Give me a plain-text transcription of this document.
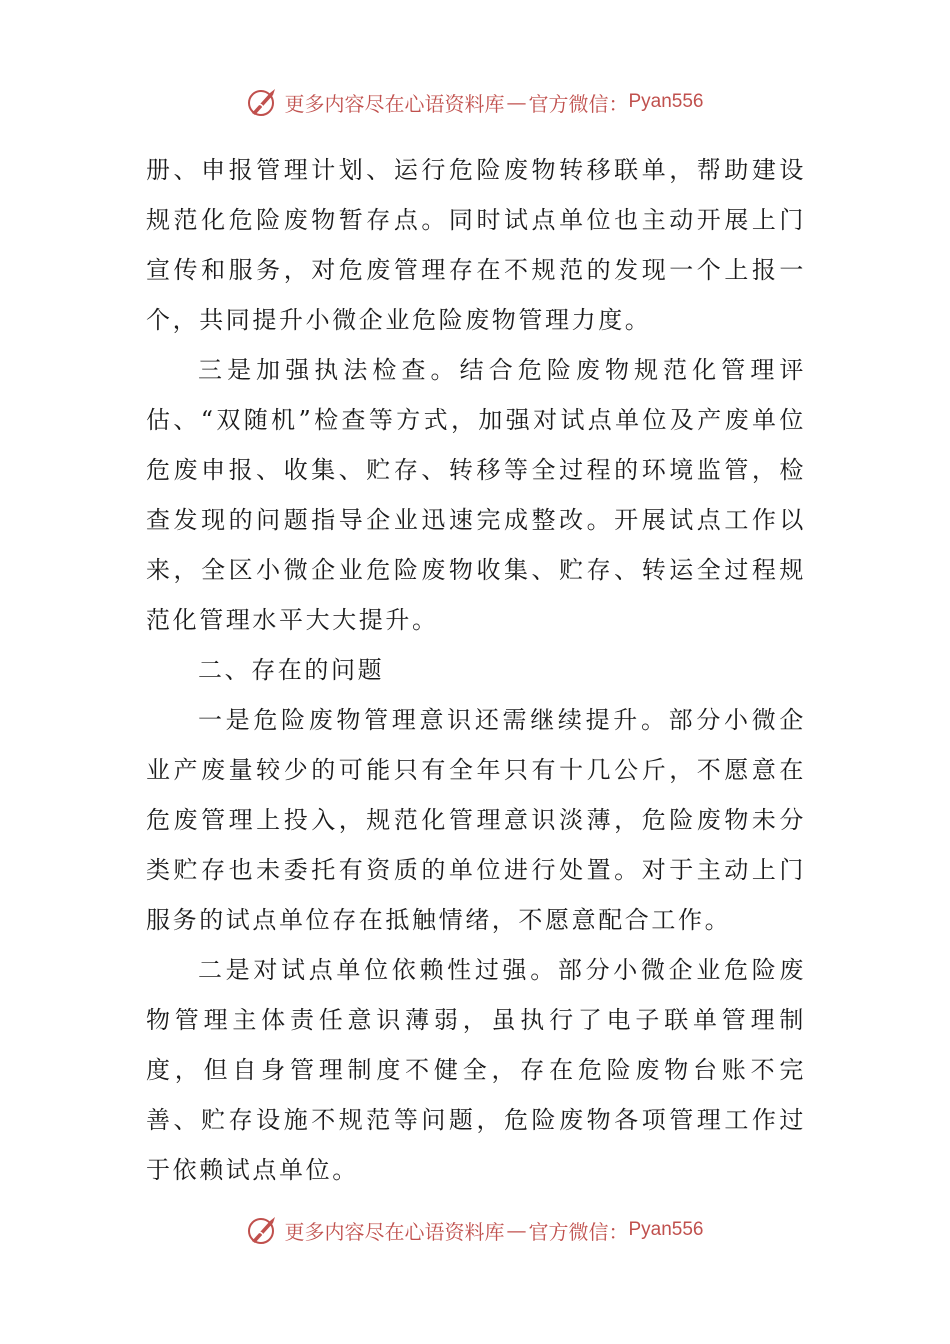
更多内容尽在心语资料库 — 官方微信： Pyan556

册、申报管理计划、运行危险废物转移联单，帮助建设规范化危险废物暂存点。同时试点单位也主动开展上门宣传和服务，对危废管理存在不规范的发现一个上报一个，共同提升小微企业危险废物管理力度。

三是加强执法检查。结合危险废物规范化管理评估、“双随机”检查等方式，加强对试点单位及产废单位危废申报、收集、贮存、转移等全过程的环境监管，检查发现的问题指导企业迅速完成整改。开展试点工作以来，全区小微企业危险废物收集、贮存、转运全过程规范化管理水平大大提升。

二、存在的问题

一是危险废物管理意识还需继续提升。部分小微企业产废量较少的可能只有全年只有十几公斤，不愿意在危废管理上投入，规范化管理意识淡薄，危险废物未分类贮存也未委托有资质的单位进行处置。对于主动上门服务的试点单位存在抵触情绪，不愿意配合工作。

二是对试点单位依赖性过强。部分小微企业危险废物管理主体责任意识薄弱，虽执行了电子联单管理制度，但自身管理制度不健全，存在危险废物台账不完善、贮存设施不规范等问题，危险废物各项管理工作过于依赖试点单位。

更多内容尽在心语资料库 — 官方微信： Pyan556
